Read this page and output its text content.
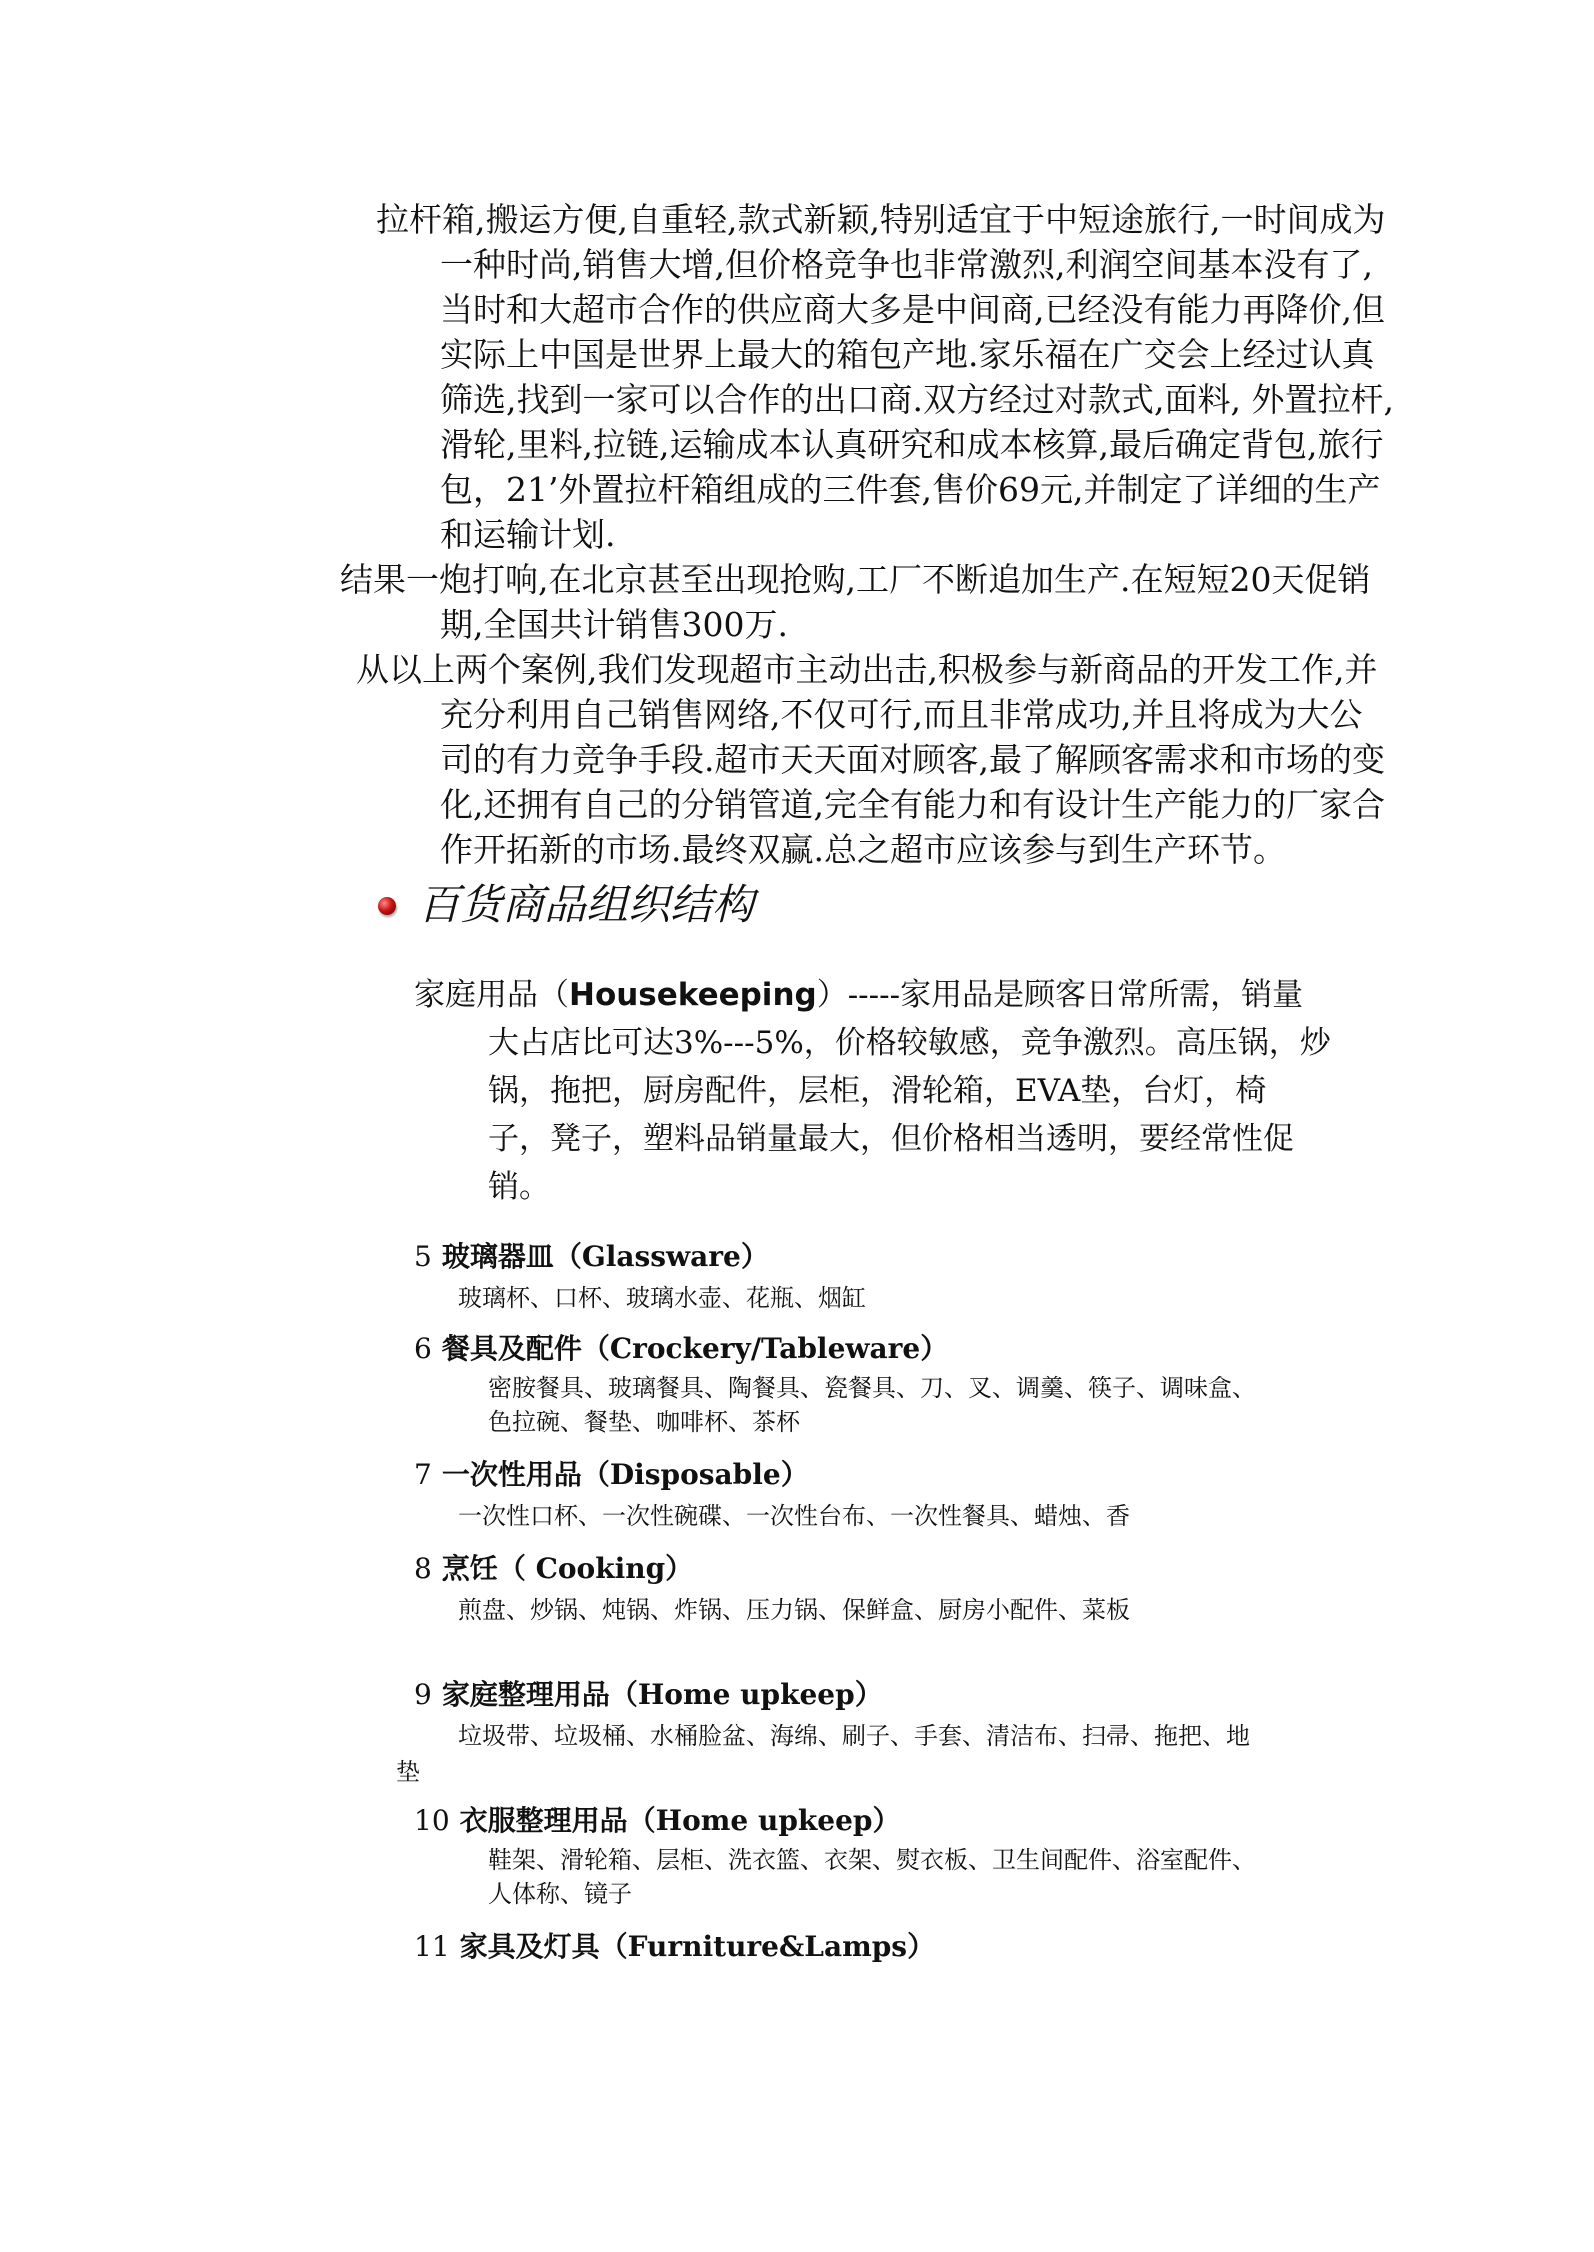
拉杆箱,搬运方便,自重轻,款式新颖,特别适宜于中短途旅行,一时间成为
一种时尚,销售大增,但价格竞争也非常激烈,利润空间基本没有了,
当时和大超市合作的供应商大多是中间商,已经没有能力再降价,但
实际上中国是世界上最大的箱包产地.家乐福在广交会上经过认真
筛选,找到一家可以合作的出口商.双方经过对款式,面料, 外置拉杆,
滑轮,里料,拉链,运输成本认真研究和成本核算,最后确定背包,旅行
包，21’外置拉杆箱组成的三件套,售价69元,并制定了详细的生产
和运输计划.
结果一炮打响,在北京甚至出现抢购,工厂不断追加生产.在短短20天促销
期,全国共计销售300万.
从以上两个案例,我们发现超市主动出击,积极参与新商品的开发工作,并
充分利用自己销售网络,不仅可行,而且非常成功,并且将成为大公
司的有力竞争手段.超市天天面对顾客,最了解顾客需求和市场的变
化,还拥有自己的分销管道,完全有能力和有设计生产能力的厂家合
作开拓新的市场.最终双赢.总之超市应该参与到生产环节。
百货商品组织结构
家庭用品（Housekeeping）-----家用品是顾客日常所需，销量
大占店比可达3%---5%，价格较敏感，竞争激烈。高压锅，炒
锅，拖把，厨房配件，层柜，滑轮箱，EVA垫，台灯，椅
子，凳子，塑料品销量最大，但价格相当透明，要经常性促
销。
5 玻璃器皿（Glassware）
玻璃杯、口杯、玻璃水壶、花瓶、烟缸
6 餐具及配件（Crockery/Tableware）
密胺餐具、玻璃餐具、陶餐具、瓷餐具、刀、叉、调羹、筷子、调味盒、
色拉碗、餐垫、咖啡杯、茶杯
7 一次性用品（Disposable）
一次性口杯、一次性碗碟、一次性台布、一次性餐具、蜡烛、香
8 烹饪（ Cooking）
煎盘、炒锅、炖锅、炸锅、压力锅、保鲜盒、厨房小配件、菜板
9 家庭整理用品（Home upkeep）
垃圾带、垃圾桶、水桶脸盆、海绵、刷子、手套、清洁布、扫帚、拖把、地
垫
10 衣服整理用品（Home upkeep）
鞋架、滑轮箱、层柜、洗衣篮、衣架、熨衣板、卫生间配件、浴室配件、
人体称、镜子
11 家具及灯具（Furniture&Lamps）
